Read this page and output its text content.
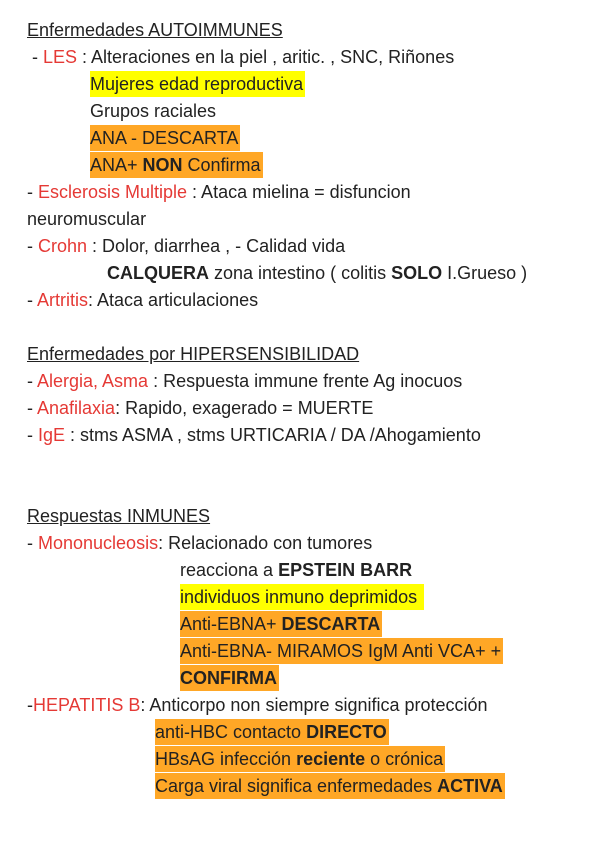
Enfermedades AUTOIMMUNES
- LES : Alteraciones en la piel , aritic. , SNC, Riñones
Mujeres edad reproductiva
Grupos raciales
ANA - DESCARTA
ANA+ NON Confirma
- Esclerosis Multiple : Ataca mielina = disfuncion
neuromuscular
- Crohn : Dolor, diarrhea , - Calidad vida
CALQUERA zona intestino ( colitis SOLO I.Grueso )
- Artritis: Ataca articulaciones
Enfermedades por HIPERSENSIBILIDAD
- Alergia, Asma : Respuesta immune frente Ag inocuos
- Anafilaxia: Rapido, exagerado = MUERTE
- IgE : stms ASMA , stms URTICARIA / DA /Ahogamiento
Respuestas INMUNES
- Mononucleosis: Relacionado con tumores
reacciona a EPSTEIN BARR
individuos inmuno deprimidos
Anti-EBNA+ DESCARTA
Anti-EBNA- MIRAMOS IgM Anti VCA+ +
CONFIRMA
-HEPATITIS B: Anticorpo non siempre significa protección
anti-HBC contacto DIRECTO
HBsAG infección reciente o crónica
Carga viral significa enfermedades ACTIVA
